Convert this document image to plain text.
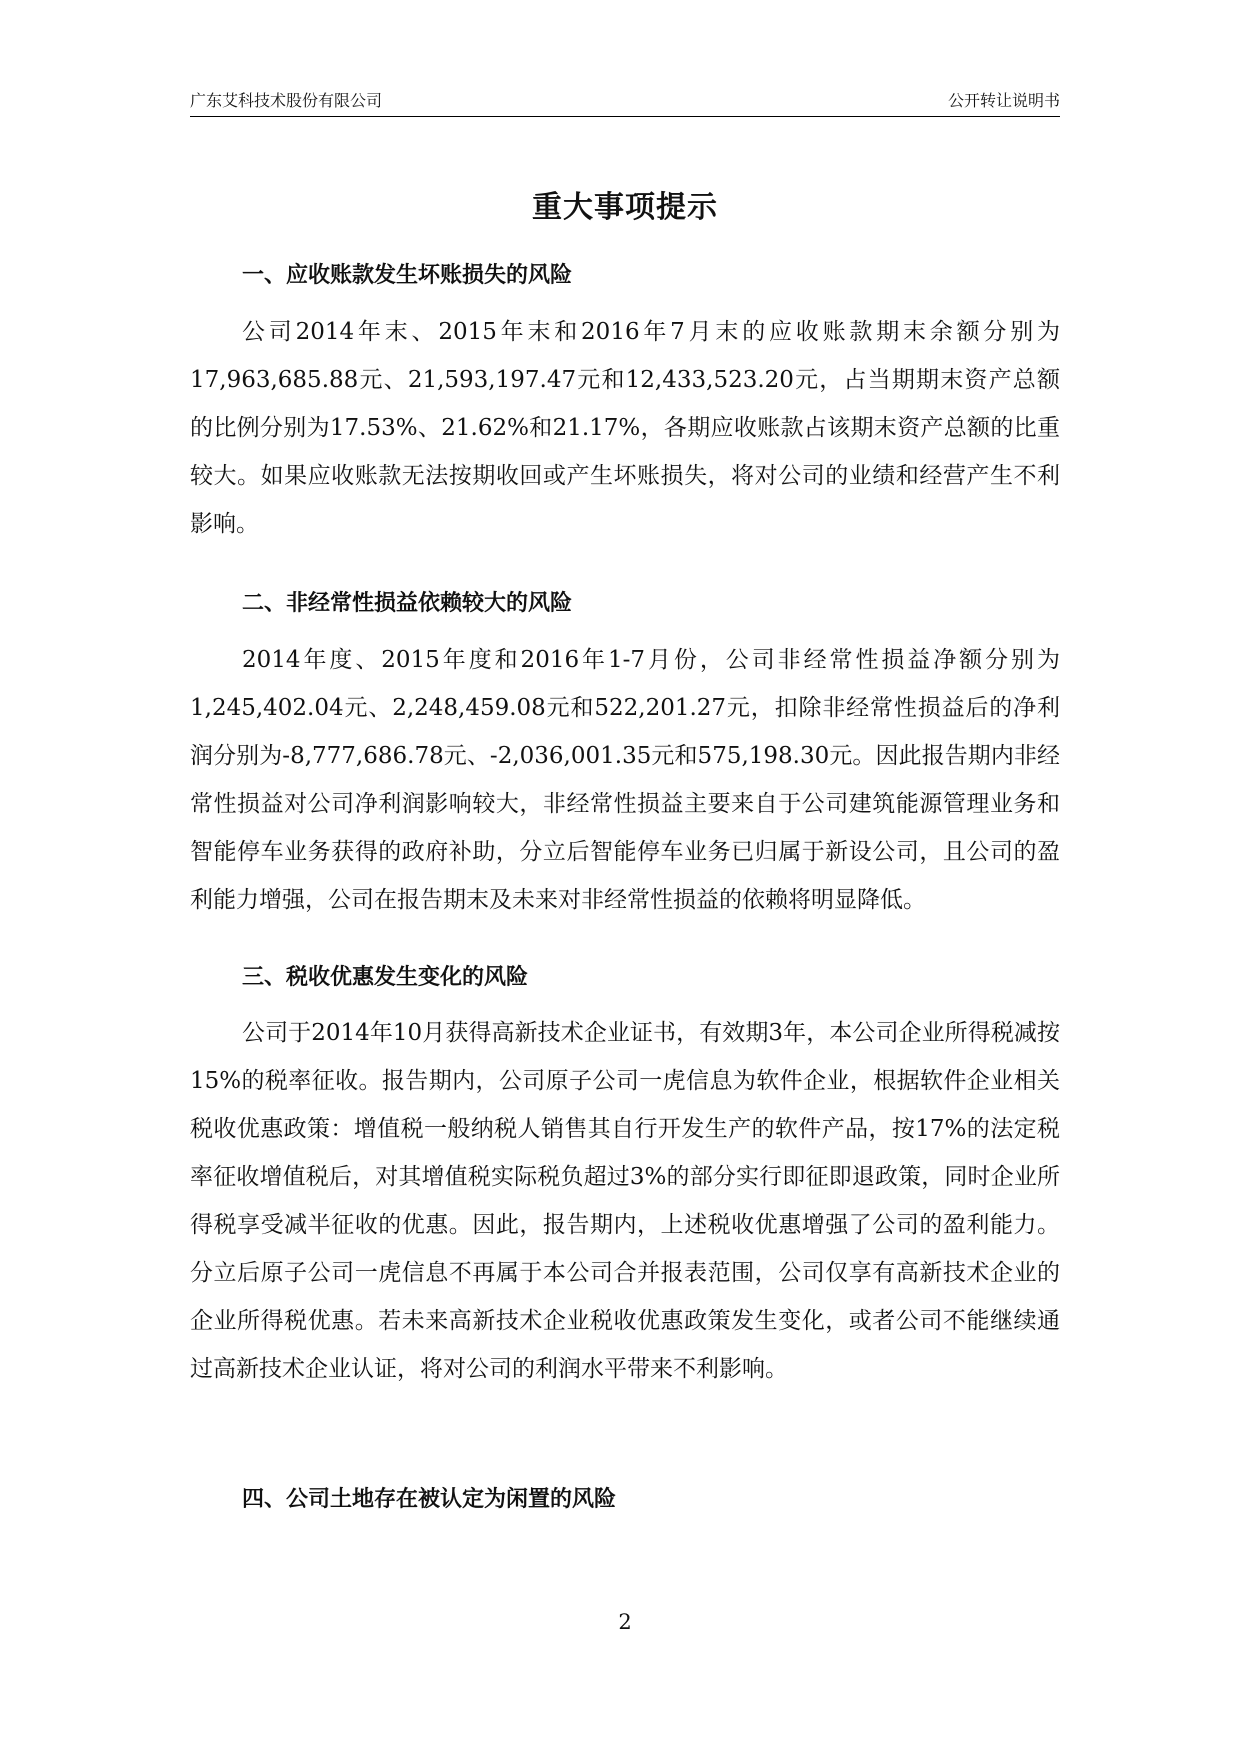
广东艾科技术股份有限公司	公开转让说明书
重大事项提示
一、应收账款发生坏账损失的风险

公司2014年末、2015年末和2016年7月末的应收账款期末余额分别为17,963,685.88元、21,593,197.47元和12,433,523.20元，占当期期末资产总额的比例分别为17.53%、21.62%和21.17%，各期应收账款占该期末资产总额的比重较大。如果应收账款无法按期收回或产生坏账损失，将对公司的业绩和经营产生不利影响。

二、非经常性损益依赖较大的风险

2014年度、2015年度和2016年1-7月份，公司非经常性损益净额分别为1,245,402.04元、2,248,459.08元和522,201.27元，扣除非经常性损益后的净利润分别为-8,777,686.78元、-2,036,001.35元和575,198.30元。因此报告期内非经常性损益对公司净利润影响较大，非经常性损益主要来自于公司建筑能源管理业务和智能停车业务获得的政府补助，分立后智能停车业务已归属于新设公司，且公司的盈利能力增强，公司在报告期末及未来对非经常性损益的依赖将明显降低。

三、税收优惠发生变化的风险

公司于2014年10月获得高新技术企业证书，有效期3年，本公司企业所得税减按15%的税率征收。报告期内，公司原子公司一虎信息为软件企业，根据软件企业相关税收优惠政策：增值税一般纳税人销售其自行开发生产的软件产品，按17%的法定税率征收增值税后，对其增值税实际税负超过3%的部分实行即征即退政策，同时企业所得税享受减半征收的优惠。因此，报告期内，上述税收优惠增强了公司的盈利能力。分立后原子公司一虎信息不再属于本公司合并报表范围，公司仅享有高新技术企业的企业所得税优惠。若未来高新技术企业税收优惠政策发生变化，或者公司不能继续通过高新技术企业认证，将对公司的利润水平带来不利影响。

四、公司土地存在被认定为闲置的风险
2
